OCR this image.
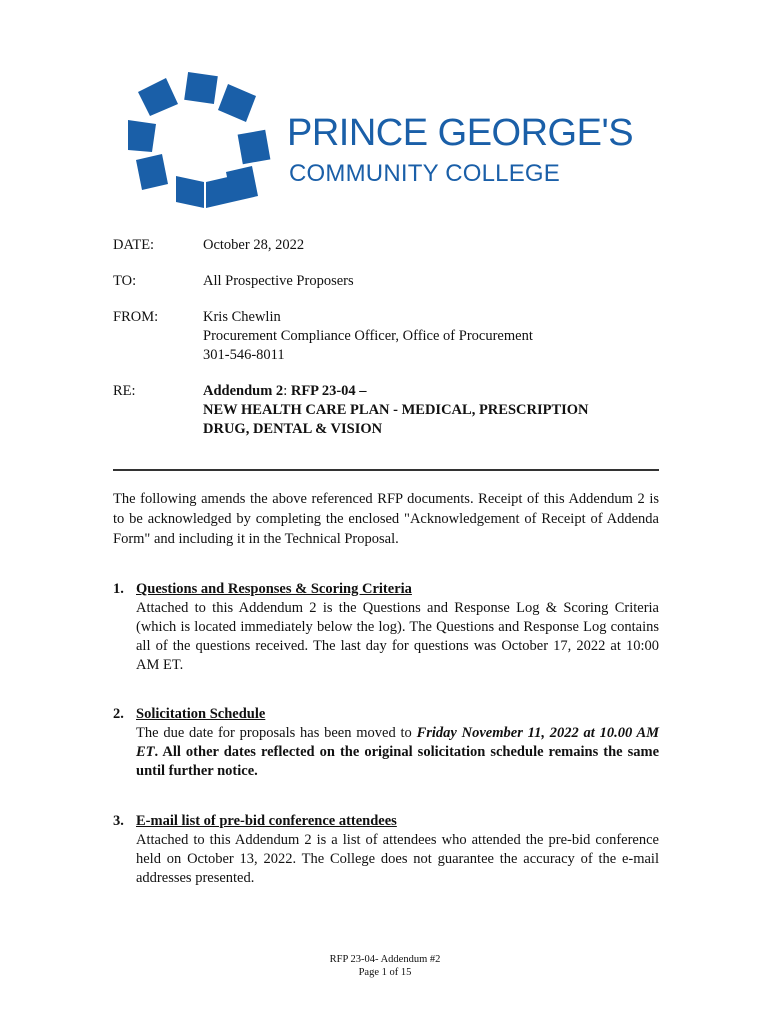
PRINCE GEORGE'S
COMMUNITY COLLEGE
DATE:	October 28, 2022
TO:	All Prospective Proposers
FROM:	Kris Chewlin
Procurement Compliance Officer, Office of Procurement
301-546-8011
RE:	Addendum 2: RFP 23-04 –
NEW HEALTH CARE PLAN - MEDICAL, PRESCRIPTION
DRUG, DENTAL & VISION
The following amends the above referenced RFP documents. Receipt of this Addendum 2 is to be acknowledged by completing the enclosed "Acknowledgement of Receipt of Addenda Form" and including it in the Technical Proposal.
1. Questions and Responses & Scoring Criteria
Attached to this Addendum 2 is the Questions and Response Log & Scoring Criteria (which is located immediately below the log). The Questions and Response Log contains all of the questions received. The last day for questions was October 17, 2022 at 10:00 AM ET.
2. Solicitation Schedule
The due date for proposals has been moved to Friday November 11, 2022 at 10.00 AM ET. All other dates reflected on the original solicitation schedule remains the same until further notice.
3. E-mail list of pre-bid conference attendees
Attached to this Addendum 2 is a list of attendees who attended the pre-bid conference held on October 13, 2022. The College does not guarantee the accuracy of the e-mail addresses presented.
RFP 23-04- Addendum #2
Page 1 of 15
